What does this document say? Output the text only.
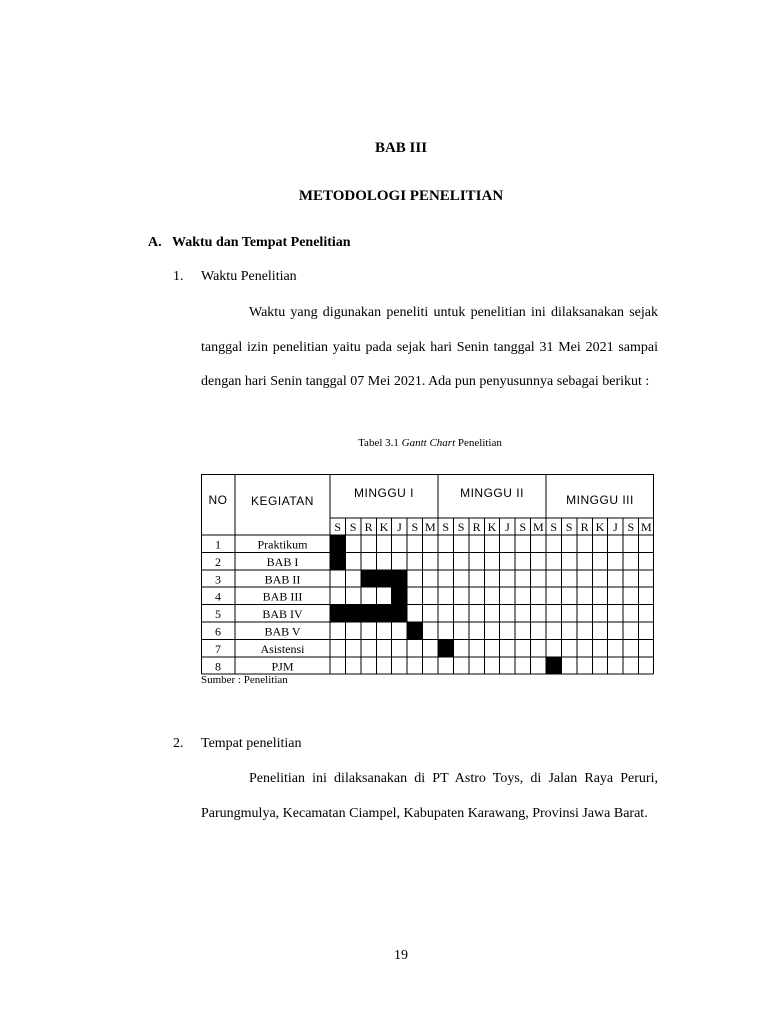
BAB III
METODOLOGI PENELITIAN
A. Waktu dan Tempat Penelitian
1. Waktu Penelitian
Waktu yang digunakan peneliti untuk penelitian ini dilaksanakan sejak tanggal izin penelitian yaitu pada sejak hari Senin tanggal 31 Mei 2021 sampai dengan hari Senin tanggal 07 Mei 2021. Ada pun penyusunnya sebagai berikut :
Tabel 3.1 Gantt Chart Penelitian
NO KEGIATAN
MINGGU I	MINGGU II	MINGGU III
S S R K J S M S S R K J S M S S R K J S M
1	Praktikum
2	BAB I
3	BAB II
4	BAB III
5	BAB IV
6	BAB V
7	Asistensi
8	PJM
Sumber : Penelitian
2. Tempat penelitian
Penelitian ini dilaksanakan di PT Astro Toys, di Jalan Raya Peruri, Parungmulya, Kecamatan Ciampel, Kabupaten Karawang, Provinsi Jawa Barat.
19
